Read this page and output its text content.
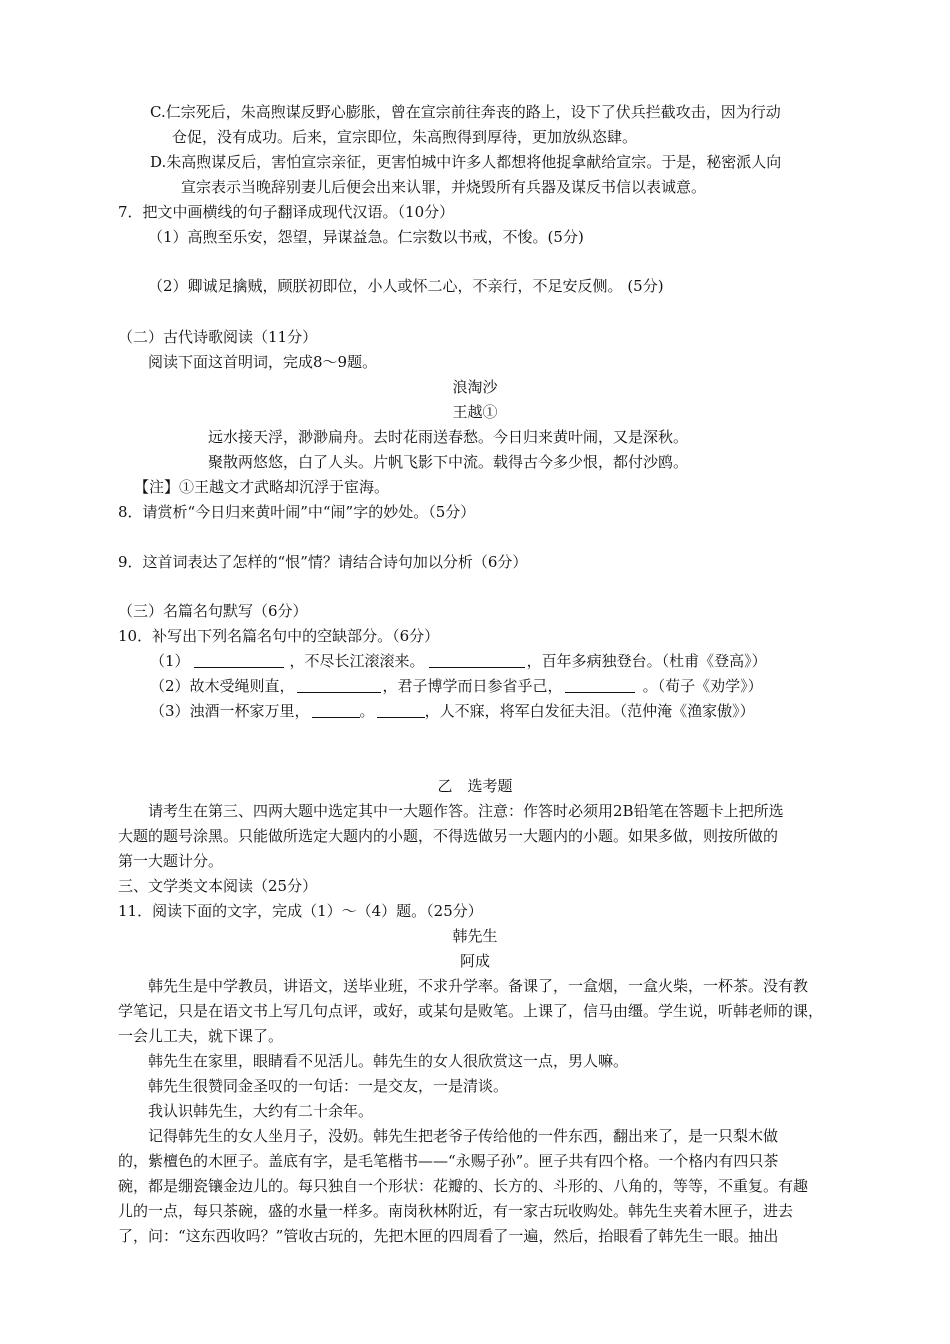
C.仁宗死后，朱高煦谋反野心膨胀，曾在宣宗前往奔丧的路上，设下了伏兵拦截攻击，因为行动
仓促，没有成功。后来，宣宗即位，朱高煦得到厚待，更加放纵恣肆。
D.朱高煦谋反后，害怕宣宗亲征，更害怕城中许多人都想将他捉拿献给宣宗。于是，秘密派人向
宣宗表示当晚辞别妻儿后便会出来认罪，并烧毁所有兵器及谋反书信以表诚意。
7．把文中画横线的句子翻译成现代汉语。（10分）
（1）高煦至乐安，怨望，异谋益急。仁宗数以书戒，不悛。(5分)
（2）卿诚足擒贼，顾朕初即位，小人或怀二心，不亲行，不足安反侧。 (5分)
（二）古代诗歌阅读（11分）
阅读下面这首明词，完成8～9题。
浪淘沙
王越①
远水接天浮，渺渺扁舟。去时花雨送春愁。今日归来黄叶闹，又是深秋。
聚散两悠悠，白了人头。片帆飞影下中流。载得古今多少恨，都付沙鸥。
【注】①王越文才武略却沉浮于宦海。
8．请赏析“今日归来黄叶闹”中“闹”字的妙处。（5分）
9．这首词表达了怎样的“恨”情？请结合诗句加以分析（6分）
（三）名篇名句默写（6分）
10．补写出下列名篇名句中的空缺部分。（6分）
（1）	，不尽长江滚滚来。	，百年多病独登台。（杜甫《登高》）
（2）故木受绳则直，	，君子博学而日参省乎己，	。（荀子《劝学》）
（3）浊酒一杯家万里，	。	，人不寐，将军白发征夫泪。（范仲淹《渔家傲》）
乙　选考题
请考生在第三、四两大题中选定其中一大题作答。注意：作答时必须用2B铅笔在答题卡上把所选
大题的题号涂黑。只能做所选定大题内的小题，不得选做另一大题内的小题。如果多做，则按所做的
第一大题计分。
三、文学类文本阅读（25分）
11．阅读下面的文字，完成（1）～（4）题。（25分）
韩先生
阿成
韩先生是中学教员，讲语文，送毕业班，不求升学率。备课了，一盒烟，一盒火柴，一杯茶。没有教
学笔记，只是在语文书上写几句点评，或好，或某句是败笔。上课了，信马由缰。学生说，听韩老师的课，
一会儿工夫，就下课了。
韩先生在家里，眼睛看不见活儿。韩先生的女人很欣赏这一点，男人嘛。
韩先生很赞同金圣叹的一句话：一是交友，一是清谈。
我认识韩先生，大约有二十余年。
记得韩先生的女人坐月子，没奶。韩先生把老爷子传给他的一件东西，翻出来了，是一只梨木做
的，紫檀色的木匣子。盖底有字，是毛笔楷书——“永赐子孙”。匣子共有四个格。一个格内有四只茶
碗，都是绷瓷镶金边儿的。每只独自一个形状：花瓣的、长方的、斗形的、八角的，等等，不重复。有趣
儿的一点，每只茶碗，盛的水量一样多。南岗秋林附近，有一家古玩收购处。韩先生夹着木匣子，进去
了，问：“这东西收吗？”管收古玩的，先把木匣的四周看了一遍，然后，抬眼看了韩先生一眼。抽出
